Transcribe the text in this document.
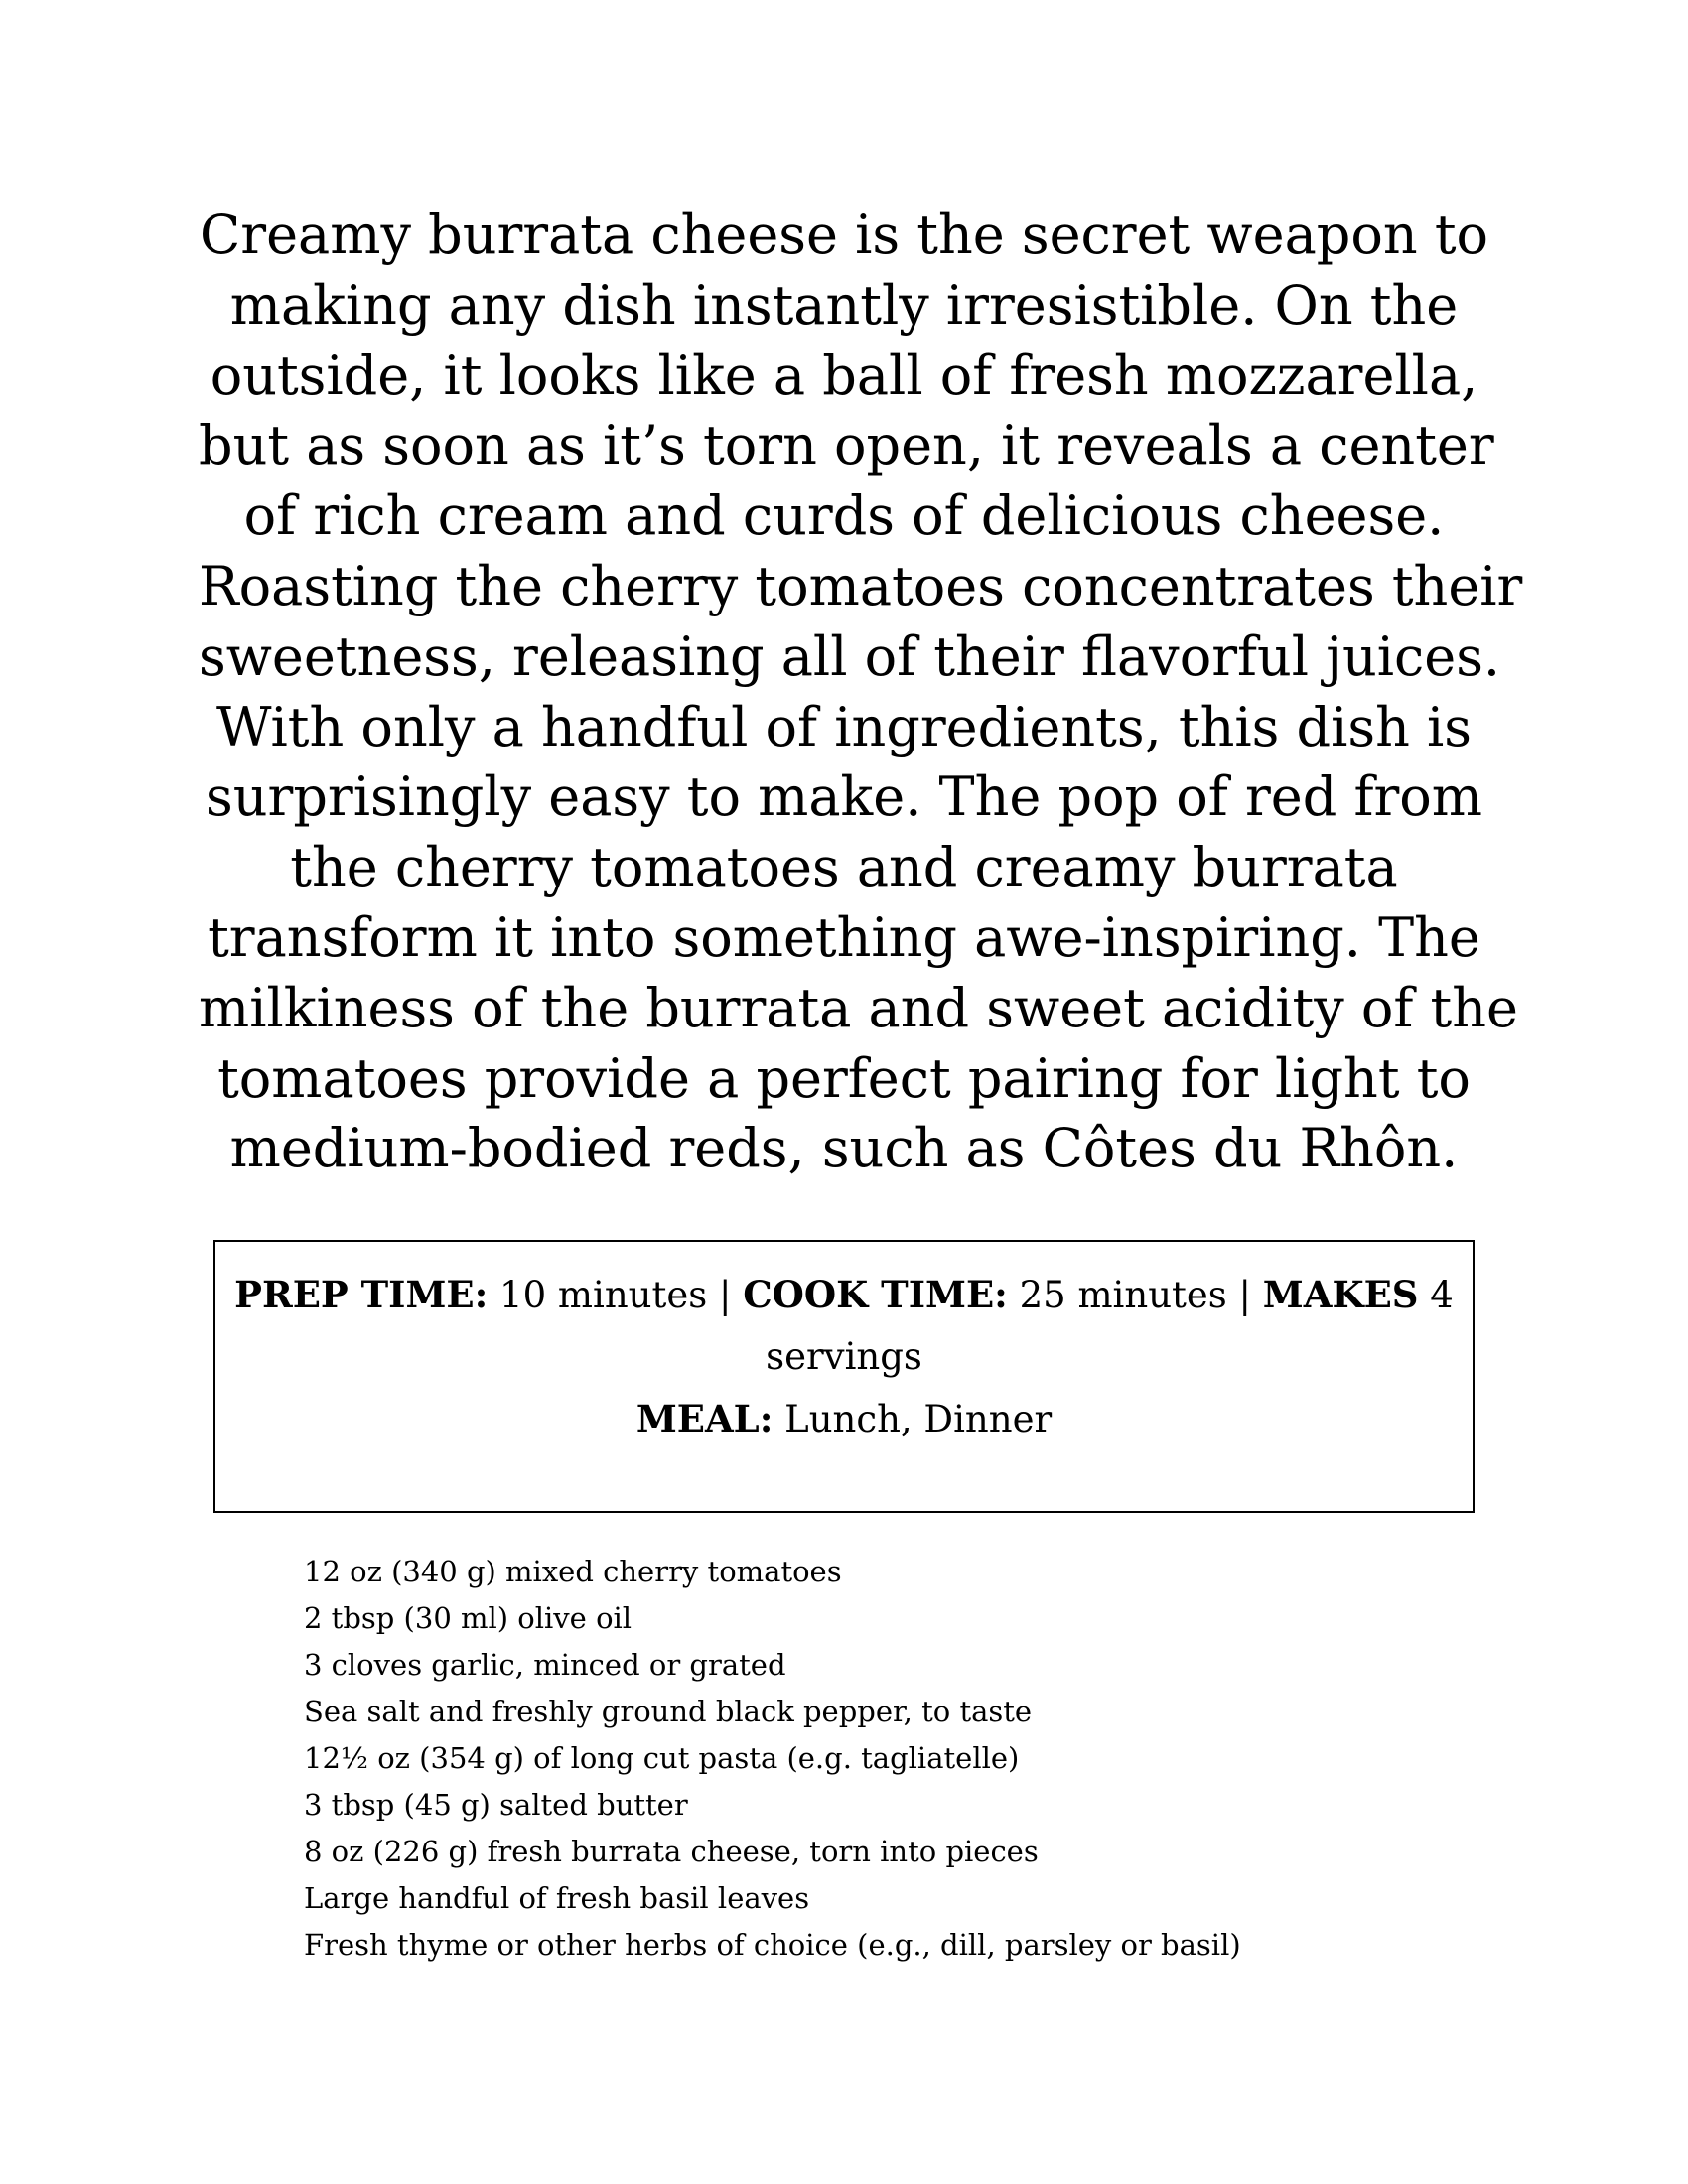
Creamy burrata cheese is the secret weapon to
making any dish instantly irresistible. On the
outside, it looks like a ball of fresh mozzarella,
but as soon as it’s torn open, it reveals a center
of rich cream and curds of delicious cheese.
Roasting the cherry tomatoes concentrates their
sweetness, releasing all of their flavorful juices.
With only a handful of ingredients, this dish is
surprisingly easy to make. The pop of red from
the cherry tomatoes and creamy burrata
transform it into something awe-inspiring. The
milkiness of the burrata and sweet acidity of the
tomatoes provide a perfect pairing for light to
medium-bodied reds, such as Côtes du Rhôn.

PREP TIME: 10 minutes | COOK TIME: 25 minutes | MAKES 4
servings
MEAL: Lunch, Dinner
12 oz (340 g) mixed cherry tomatoes
2 tbsp (30 ml) olive oil
3 cloves garlic, minced or grated
Sea salt and freshly ground black pepper, to taste
12½ oz (354 g) of long cut pasta (e.g. tagliatelle)
3 tbsp (45 g) salted butter
8 oz (226 g) fresh burrata cheese, torn into pieces
Large handful of fresh basil leaves
Fresh thyme or other herbs of choice (e.g., dill, parsley or basil)
